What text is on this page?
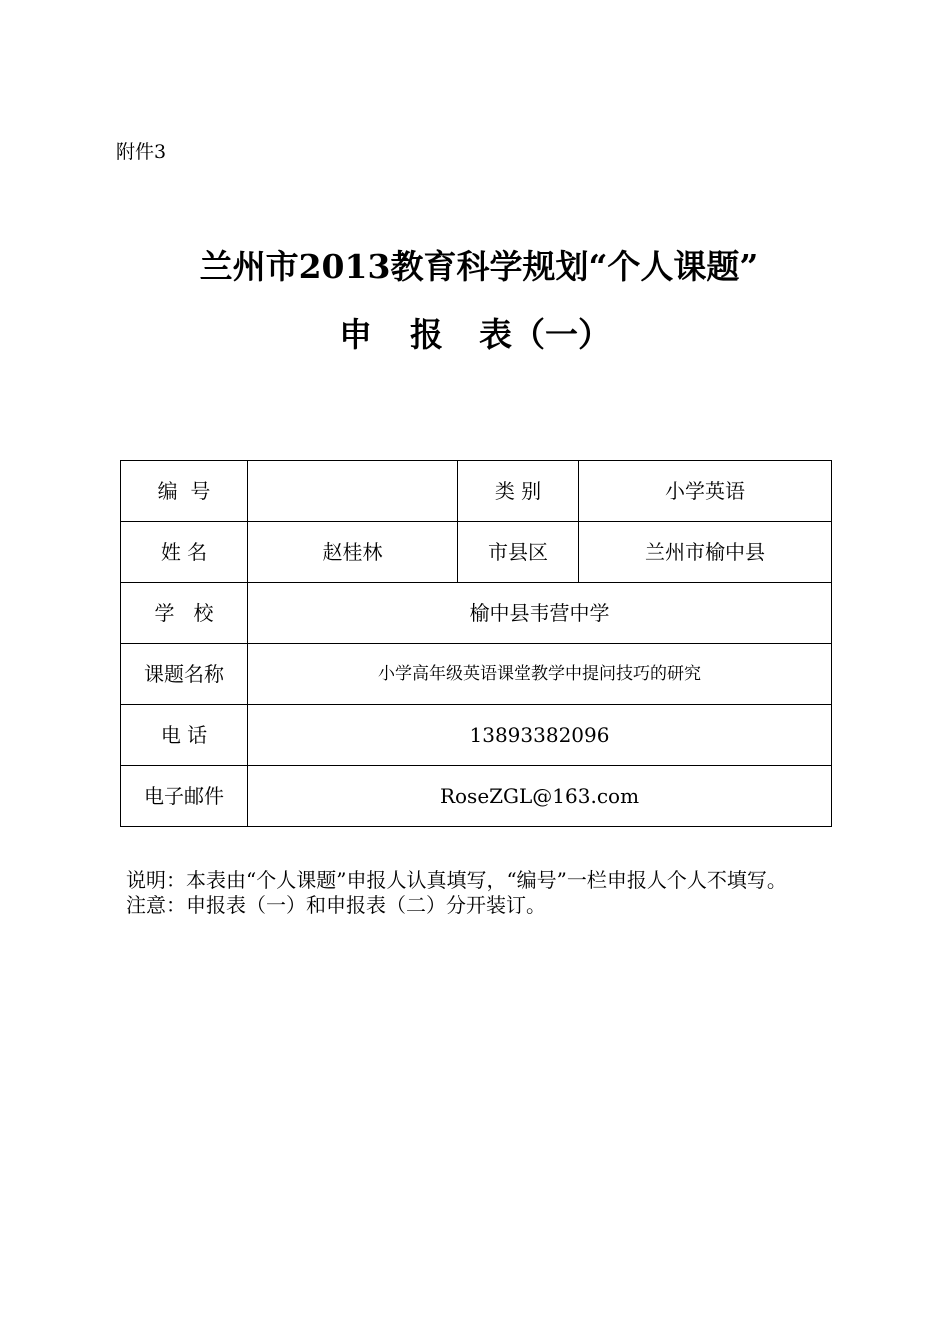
附件3
兰州市2013教育科学规划“个人课题”
申 报 表（一）
编  号		类 别	小学英语
姓 名	赵桂林	市县区	兰州市榆中县
学   校	榆中县韦营中学		
课题名称	小学高年级英语课堂教学中提问技巧的研究		
电 话	13893382096		
电子邮件	RoseZGL@163.com		

说明：本表由“个人课题”申报人认真填写，“编号”一栏申报人个人不填写。

注意：申报表（一）和申报表（二）分开装订。
